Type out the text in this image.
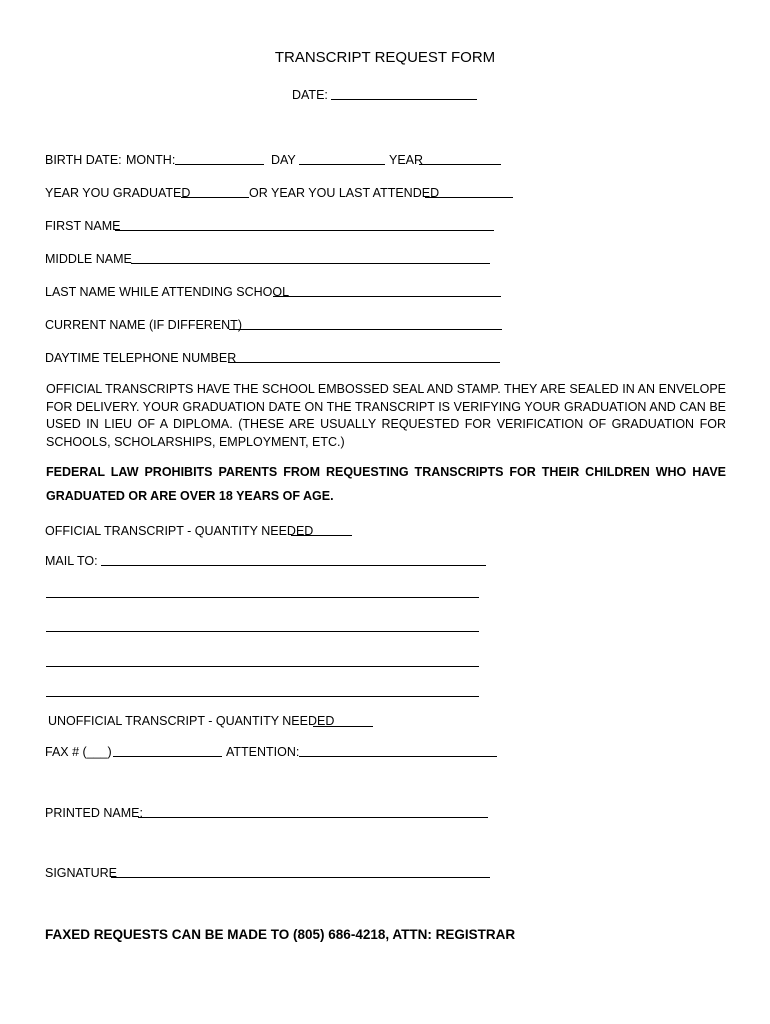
TRANSCRIPT REQUEST FORM
DATE:
BIRTH DATE: MONTH:	DAY	YEAR
YEAR YOU GRADUATED	OR YEAR YOU LAST ATTENDED
FIRST NAME
MIDDLE NAME
LAST NAME WHILE ATTENDING SCHOOL
CURRENT NAME (IF DIFFERENT)
DAYTIME TELEPHONE NUMBER
OFFICIAL TRANSCRIPTS HAVE THE SCHOOL EMBOSSED SEAL AND STAMP. THEY ARE SEALED IN AN ENVELOPE FOR DELIVERY. YOUR GRADUATION DATE ON THE TRANSCRIPT IS VERIFYING YOUR GRADUATION AND CAN BE USED IN LIEU OF A DIPLOMA. (THESE ARE USUALLY REQUESTED FOR VERIFICATION OF GRADUATION FOR SCHOOLS, SCHOLARSHIPS, EMPLOYMENT, ETC.)
FEDERAL LAW PROHIBITS PARENTS FROM REQUESTING TRANSCRIPTS FOR THEIR CHILDREN WHO HAVE GRADUATED OR ARE OVER 18 YEARS OF AGE.
OFFICIAL TRANSCRIPT - QUANTITY NEEDED
MAIL TO:
UNOFFICIAL TRANSCRIPT - QUANTITY NEEDED
FAX # (___)	ATTENTION:
PRINTED NAME:
SIGNATURE
FAXED REQUESTS CAN BE MADE TO (805) 686-4218, ATTN: REGISTRAR
